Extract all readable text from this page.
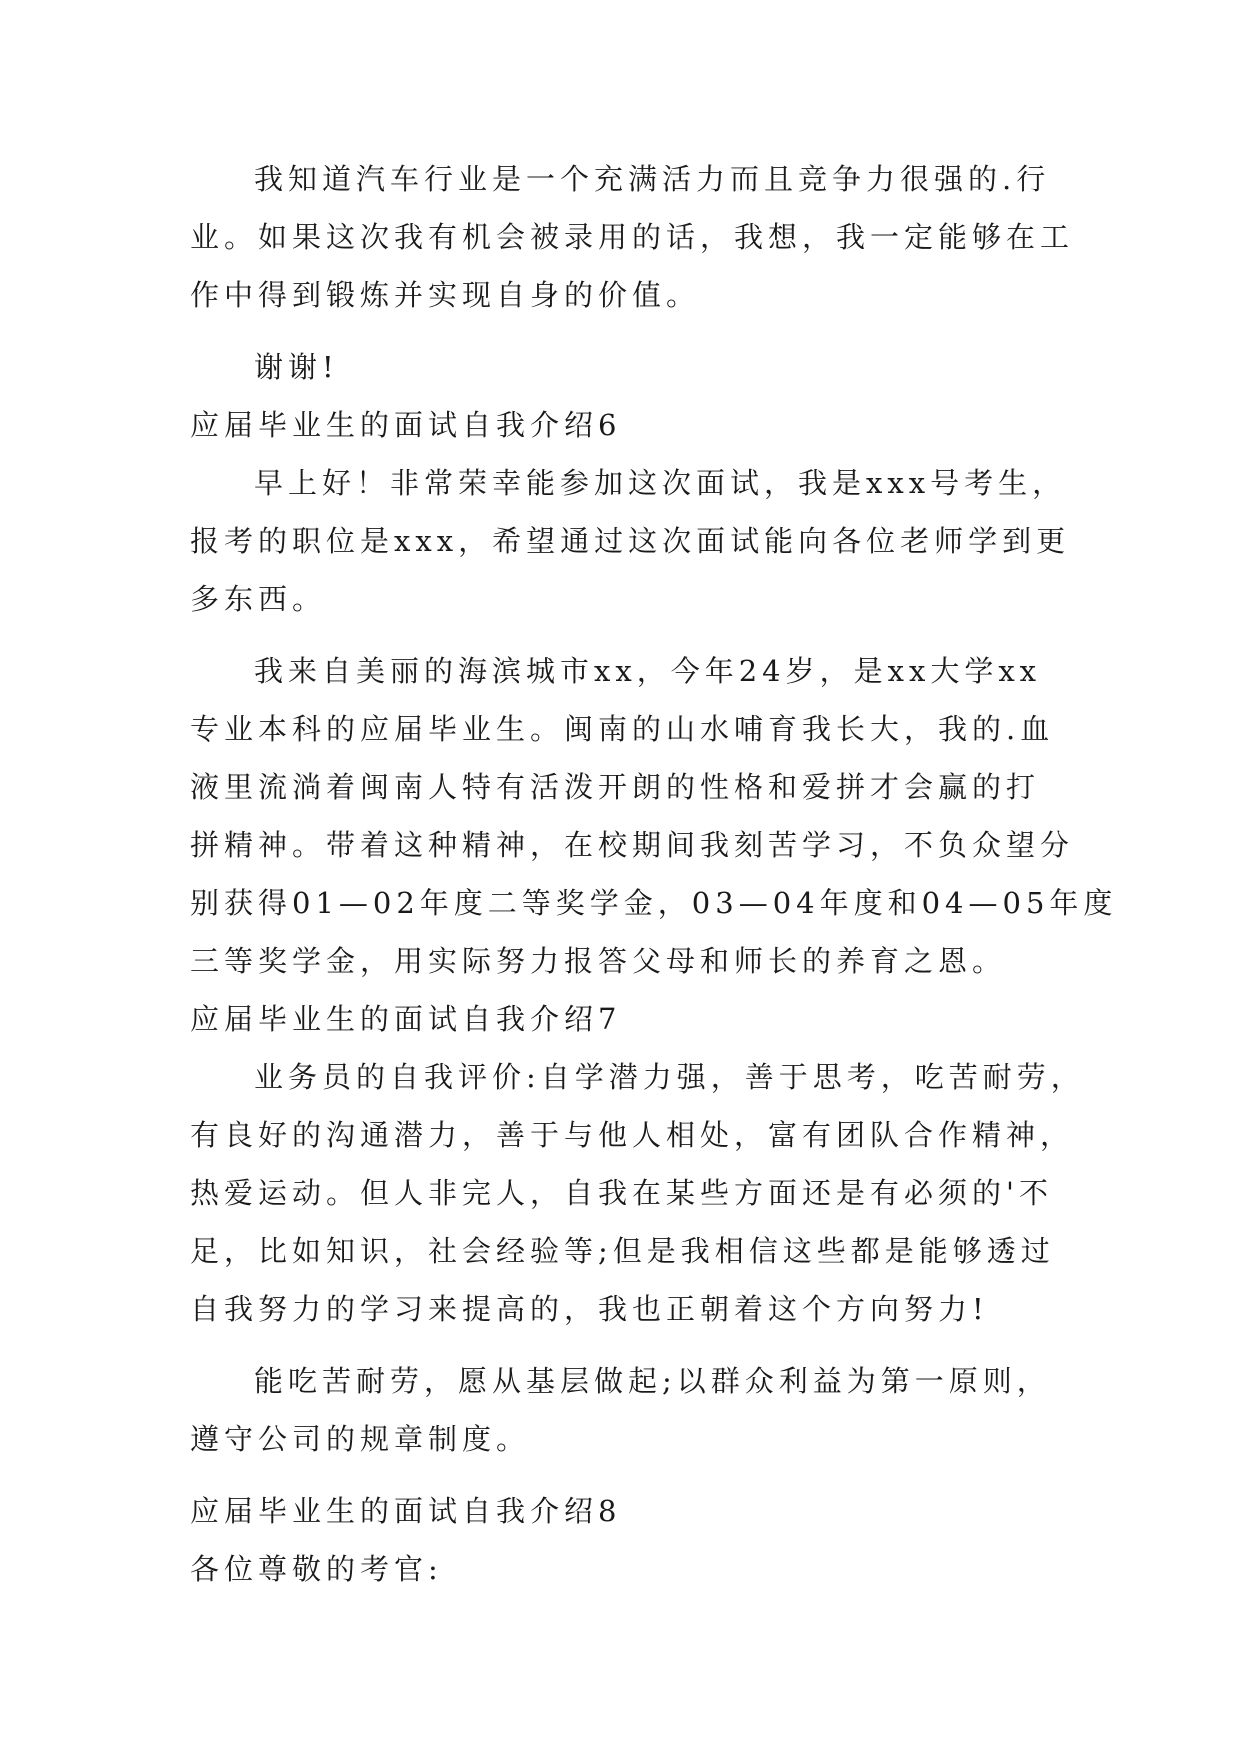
我知道汽车行业是一个充满活力而且竞争力很强的.行
业。如果这次我有机会被录用的话，我想，我一定能够在工
作中得到锻炼并实现自身的价值。
谢谢!
应届毕业生的面试自我介绍6
早上好！非常荣幸能参加这次面试，我是xxx号考生，
报考的职位是xxx，希望通过这次面试能向各位老师学到更
多东西。
我来自美丽的海滨城市xx，今年24岁，是xx大学xx
专业本科的应届毕业生。闽南的山水哺育我长大，我的.血
液里流淌着闽南人特有活泼开朗的性格和爱拼才会赢的打
拼精神。带着这种精神，在校期间我刻苦学习，不负众望分
别获得01—02年度二等奖学金，03—04年度和04—05年度
三等奖学金，用实际努力报答父母和师长的养育之恩。
应届毕业生的面试自我介绍7
业务员的自我评价:自学潜力强，善于思考，吃苦耐劳，
有良好的沟通潜力，善于与他人相处，富有团队合作精神，
热爱运动。但人非完人，自我在某些方面还是有必须的'不
足，比如知识，社会经验等;但是我相信这些都是能够透过
自我努力的学习来提高的，我也正朝着这个方向努力!
能吃苦耐劳，愿从基层做起;以群众利益为第一原则，
遵守公司的规章制度。
应届毕业生的面试自我介绍8
各位尊敬的考官:
